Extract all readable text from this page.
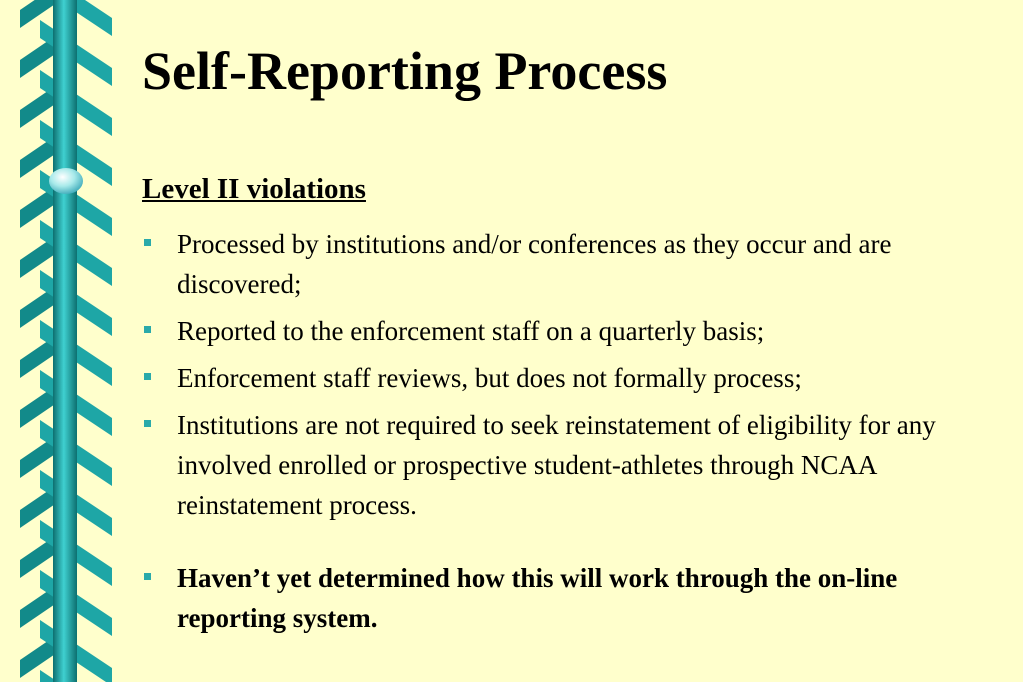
Self-Reporting Process
Level II violations
Processed by institutions and/or conferences as they occur and are discovered;
Reported to the enforcement staff on a quarterly basis;
Enforcement staff reviews, but does not formally process;
Institutions are not required to seek reinstatement of eligibility for any involved enrolled or prospective student-athletes through NCAA reinstatement process.
Haven’t yet determined how this will work through the on-line reporting system.
